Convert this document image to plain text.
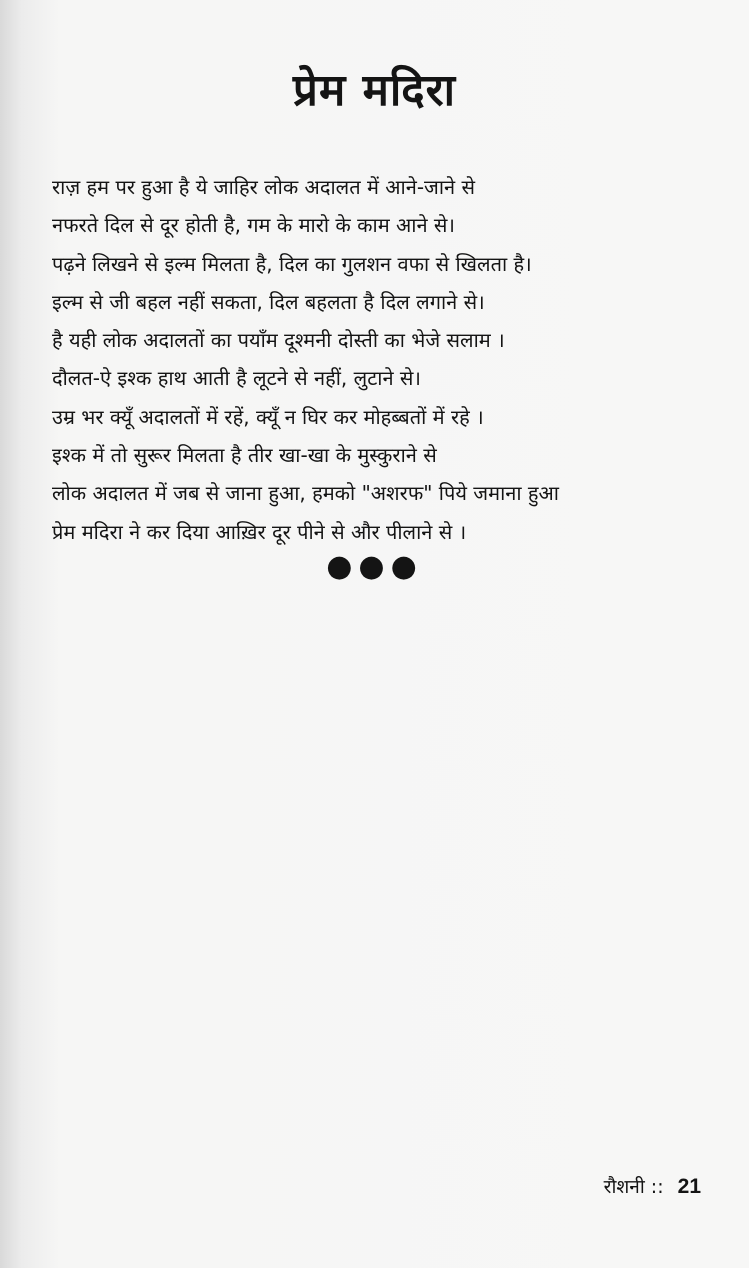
प्रेम मदिरा
राज़ हम पर हुआ है ये जाहिर लोक अदालत में आने-जाने से
नफरते दिल से दूर होती है, गम के मारो के काम आने से।
पढ़ने लिखने से इल्म मिलता है, दिल का गुलशन वफा से खिलता है।
इल्म से जी बहल नहीं सकता, दिल बहलता है दिल लगाने से।
है यही लोक अदालतों का पयाँम दूश्मनी दोस्ती का भेजे सलाम ।
दौलत-ऐ इश्क हाथ आती है लूटने से नहीं, लुटाने से।
उम्र भर क्यूँ अदालतों में रहें, क्यूँ न घिर कर मोहब्बतों में रहे ।
इश्क में तो सुरूर मिलता है तीर खा-खा के मुस्कुराने से
लोक अदालत में जब से जाना हुआ, हमको "अशरफ" पिये जमाना हुआ
प्रेम मदिरा ने कर दिया आख़िर दूर पीने से और पीलाने से ।
●●●
रौशनी :: 21
